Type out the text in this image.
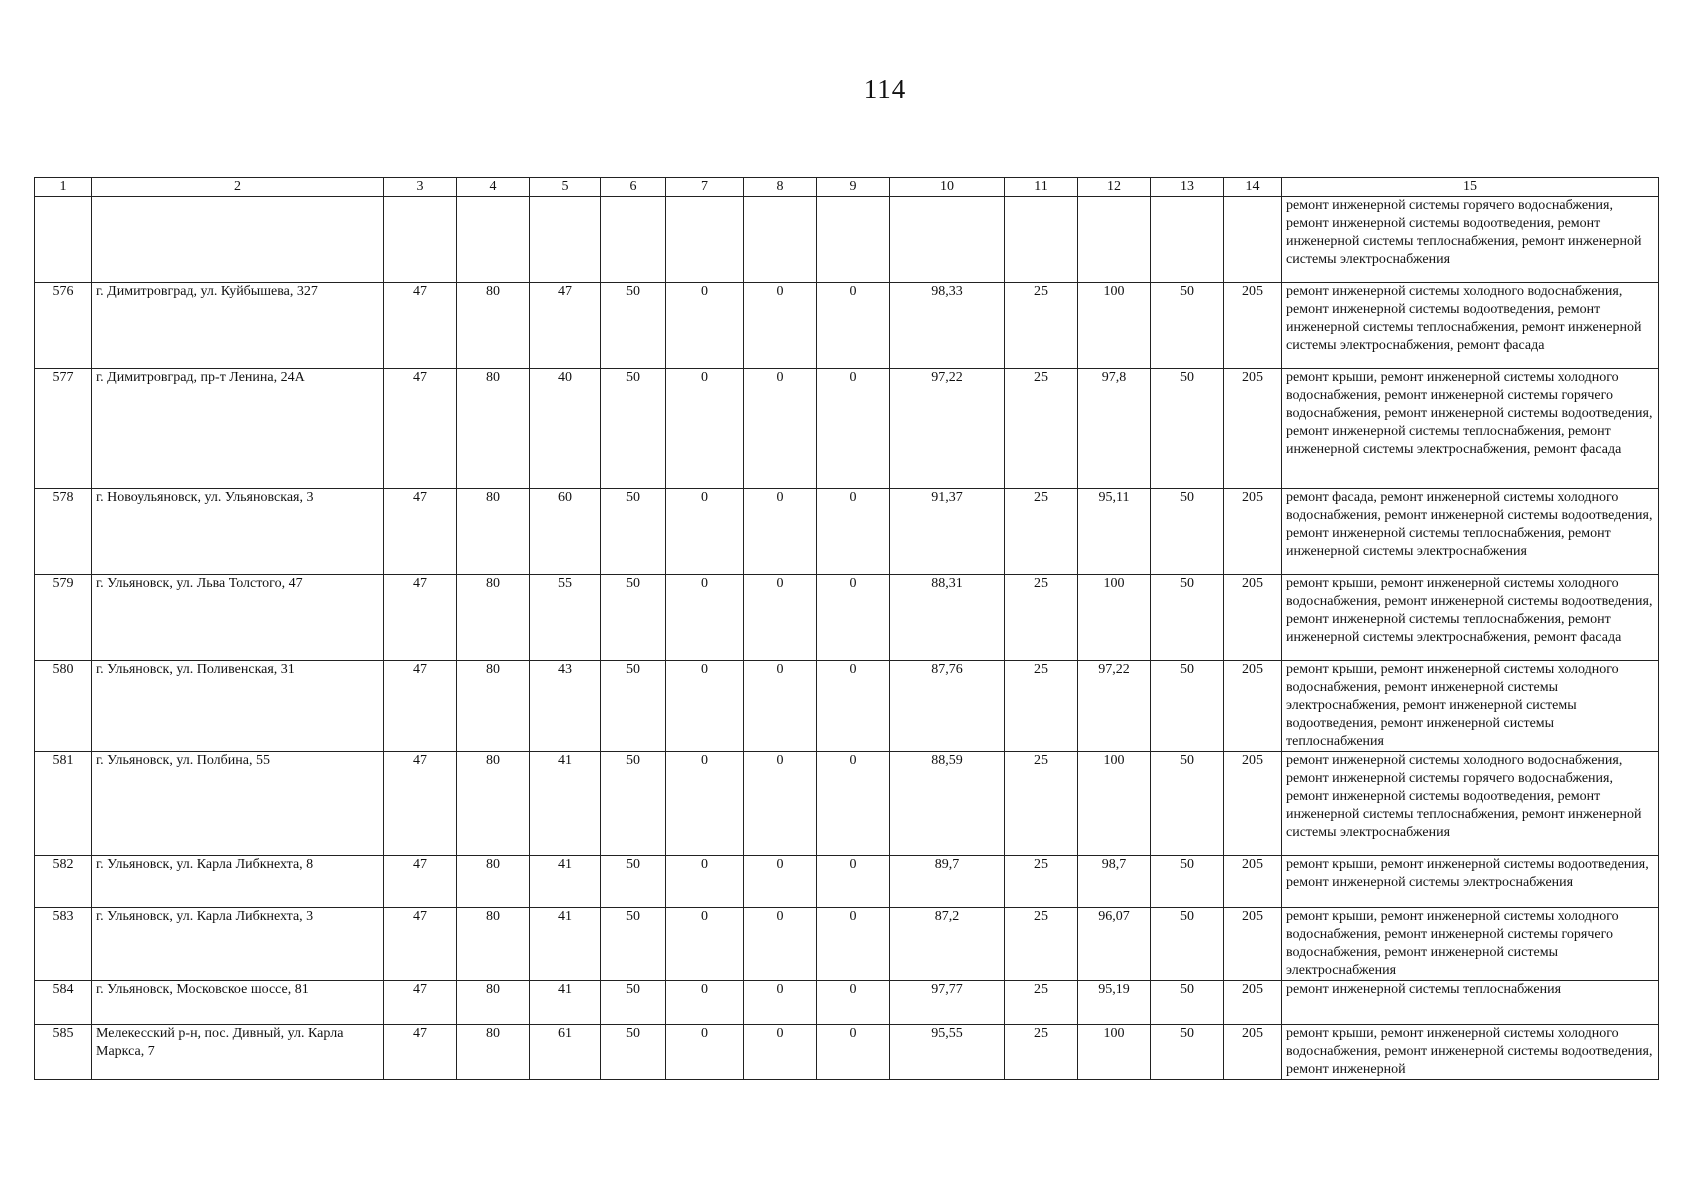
114
1	2	3	4	5	6	7	8	9	10	11	12	13	14	15
														ремонт инженерной системы горячего водоснабжения, ремонт инженерной системы водоотведения, ремонт инженерной системы теплоснабжения, ремонт инженерной системы электроснабжения
576	г. Димитровград, ул. Куйбышева, 327	47	80	47	50	0	0	0	98,33	25	100	50	205	ремонт инженерной системы холодного водоснабжения, ремонт инженерной системы водоотведения, ремонт инженерной системы теплоснабжения, ремонт инженерной системы электроснабжения, ремонт фасада
577	г. Димитровград, пр-т Ленина, 24А	47	80	40	50	0	0	0	97,22	25	97,8	50	205	ремонт крыши, ремонт инженерной системы холодного водоснабжения, ремонт инженерной системы горячего водоснабжения, ремонт инженерной системы водоотведения, ремонт инженерной системы теплоснабжения, ремонт инженерной системы электроснабжения, ремонт фасада
578	г. Новоульяновск, ул. Ульяновская, 3	47	80	60	50	0	0	0	91,37	25	95,11	50	205	ремонт фасада, ремонт инженерной системы холодного водоснабжения, ремонт инженерной системы водоотведения, ремонт инженерной системы теплоснабжения, ремонт инженерной системы электроснабжения
579	г. Ульяновск, ул. Льва Толстого, 47	47	80	55	50	0	0	0	88,31	25	100	50	205	ремонт крыши, ремонт инженерной системы холодного водоснабжения, ремонт инженерной системы водоотведения, ремонт инженерной системы теплоснабжения, ремонт инженерной системы электроснабжения, ремонт фасада
580	г. Ульяновск, ул. Поливенская, 31	47	80	43	50	0	0	0	87,76	25	97,22	50	205	ремонт крыши, ремонт инженерной системы холодного водоснабжения, ремонт инженерной системы электроснабжения, ремонт инженерной системы водоотведения, ремонт инженерной системы теплоснабжения
581	г. Ульяновск, ул. Полбина, 55	47	80	41	50	0	0	0	88,59	25	100	50	205	ремонт инженерной системы холодного водоснабжения, ремонт инженерной системы горячего водоснабжения, ремонт инженерной системы водоотведения, ремонт инженерной системы теплоснабжения, ремонт инженерной системы электроснабжения
582	г. Ульяновск, ул. Карла Либкнехта, 8	47	80	41	50	0	0	0	89,7	25	98,7	50	205	ремонт крыши, ремонт инженерной системы водоотведения, ремонт инженерной системы электроснабжения
583	г. Ульяновск, ул. Карла Либкнехта, 3	47	80	41	50	0	0	0	87,2	25	96,07	50	205	ремонт крыши, ремонт инженерной системы холодного водоснабжения, ремонт инженерной системы горячего водоснабжения, ремонт инженерной системы электроснабжения
584	г. Ульяновск, Московское шоссе, 81	47	80	41	50	0	0	0	97,77	25	95,19	50	205	ремонт инженерной системы теплоснабжения
585	Мелекесский р-н, пос. Дивный, ул. Карла Маркса, 7	47	80	61	50	0	0	0	95,55	25	100	50	205	ремонт крыши, ремонт инженерной системы холодного водоснабжения, ремонт инженерной системы водоотведения, ремонт инженерной
